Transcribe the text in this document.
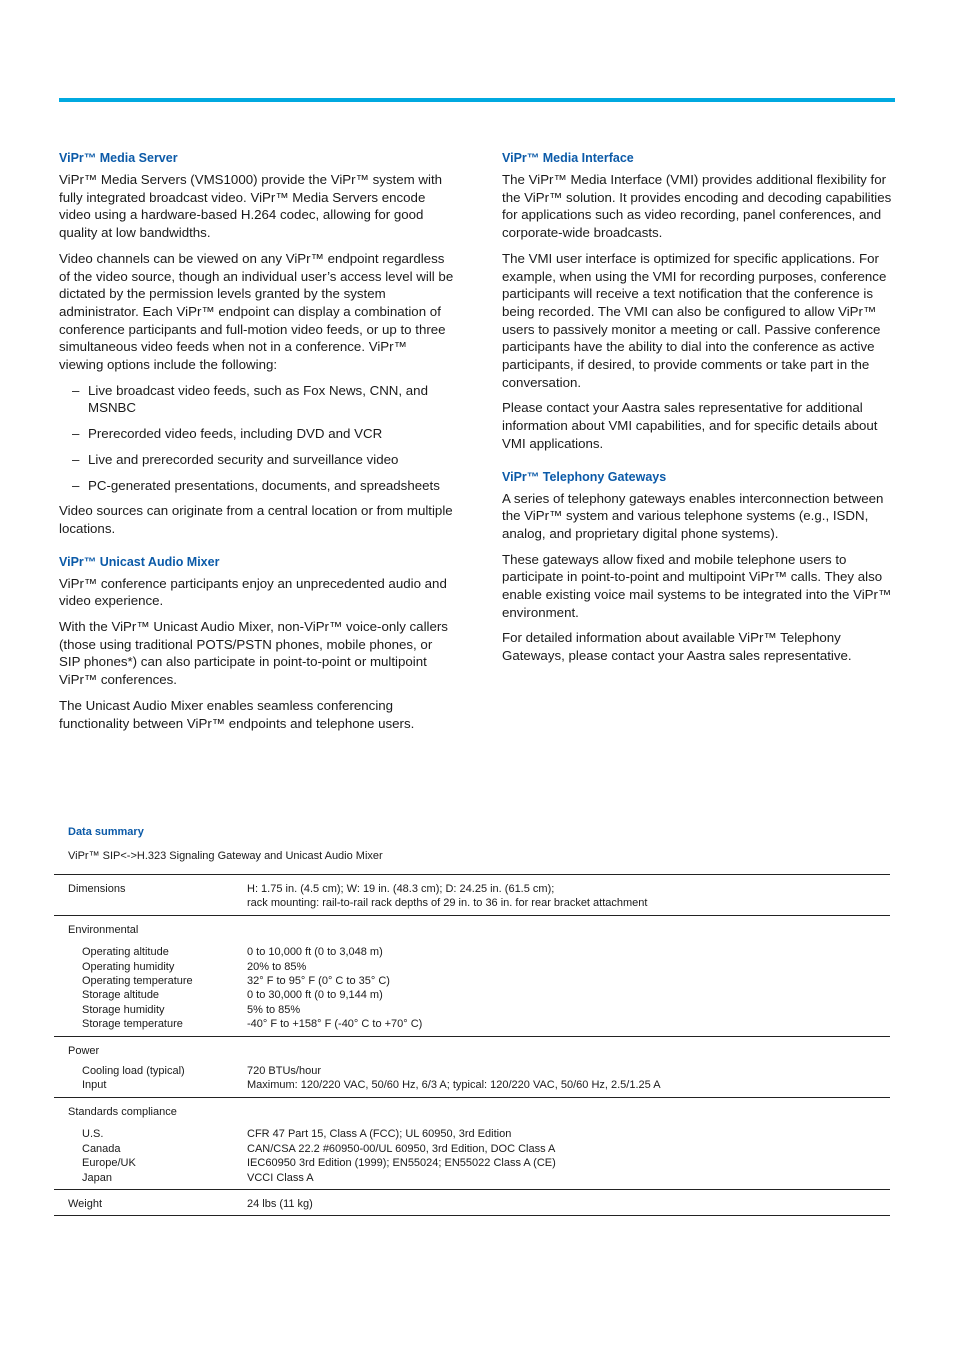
ViPr™ Media Server

ViPr™ Media Servers (VMS1000) provide the ViPr™ system with fully integrated broadcast video. ViPr™ Media Servers encode video using a hardware-based H.264 codec, allowing for good quality at low bandwidths.

Video channels can be viewed on any ViPr™ endpoint regardless of the video source, though an individual user’s access level will be dictated by the permission levels granted by the system administrator. Each ViPr™ endpoint can display a combination of conference participants and full-motion video feeds, or up to three simultaneous video feeds when not in a conference. ViPr™ viewing options include the following:

– Live broadcast video feeds, such as Fox News, CNN, and MSNBC
– Prerecorded video feeds, including DVD and VCR
– Live and prerecorded security and surveillance video
– PC-generated presentations, documents, and spreadsheets

Video sources can originate from a central location or from multiple locations.

ViPr™ Unicast Audio Mixer

ViPr™ conference participants enjoy an unprecedented audio and video experience.

With the ViPr™ Unicast Audio Mixer, non-ViPr™ voice-only callers (those using traditional POTS/PSTN phones, mobile phones, or SIP phones*) can also participate in point-to-point or multipoint ViPr™ conferences.

The Unicast Audio Mixer enables seamless conferencing functionality between ViPr™ endpoints and telephone users.

ViPr™ Media Interface

The ViPr™ Media Interface (VMI) provides additional flexibility for the ViPr™ solution. It provides encoding and decoding capabilities for applications such as video recording, panel conferences, and corporate-wide broadcasts.

The VMI user interface is optimized for specific applications. For example, when using the VMI for recording purposes, conference participants will receive a text notification that the conference is being recorded. The VMI can also be configured to allow ViPr™ users to passively monitor a meeting or call. Passive conference participants have the ability to dial into the conference as active participants, if desired, to provide comments or take part in the conversation.

Please contact your Aastra sales representative for additional information about VMI capabilities, and for specific details about VMI applications.

ViPr™ Telephony Gateways

A series of telephony gateways enables interconnection between the ViPr™ system and various telephone systems (e.g., ISDN, analog, and proprietary digital phone systems).

These gateways allow fixed and mobile telephone users to participate in point-to-point and multipoint ViPr™ calls. They also enable existing voice mail systems to be integrated into the ViPr™ environment.

For detailed information about available ViPr™ Telephony Gateways, please contact your Aastra sales representative.

Data summary
ViPr™ SIP<->H.323 Signaling Gateway and Unicast Audio Mixer
Dimensions	H: 1.75 in. (4.5 cm); W: 19 in. (48.3 cm); D: 24.25 in. (61.5 cm);
rack mounting: rail-to-rail rack depths of 29 in. to 36 in. for rear bracket attachment
Environmental
Operating altitude	0 to 10,000 ft (0 to 3,048 m)
Operating humidity	20% to 85%
Operating temperature	32° F to 95° F (0° C to 35° C)
Storage altitude	0 to 30,000 ft (0 to 9,144 m)
Storage humidity	5% to 85%
Storage temperature	-40° F to +158° F (-40° C to +70° C)
Power
Cooling load (typical)	720 BTUs/hour
Input	Maximum: 120/220 VAC, 50/60 Hz, 6/3 A; typical: 120/220 VAC, 50/60 Hz, 2.5/1.25 A
Standards compliance
U.S.	CFR 47 Part 15, Class A (FCC); UL 60950, 3rd Edition
Canada	CAN/CSA 22.2 #60950-00/UL 60950, 3rd Edition, DOC Class A
Europe/UK	IEC60950 3rd Edition (1999); EN55024; EN55022 Class A (CE)
Japan	VCCI Class A
Weight	24 lbs (11 kg)
